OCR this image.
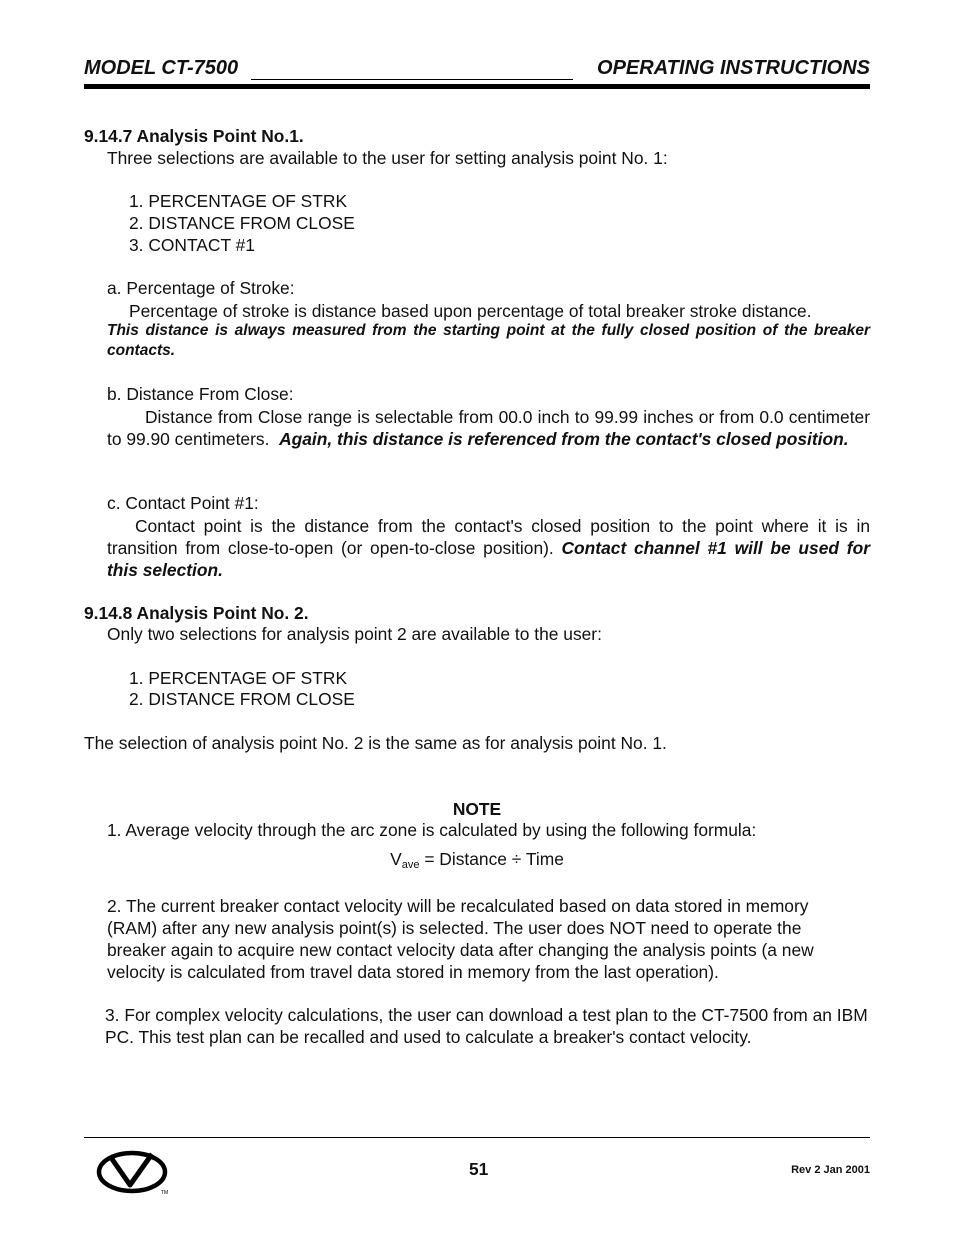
MODEL CT-7500	OPERATING INSTRUCTIONS
9.14.7 Analysis Point No.1.
Three selections are available to the user for setting analysis point No. 1:
1. PERCENTAGE OF STRK
2. DISTANCE FROM CLOSE
3. CONTACT #1
a. Percentage of Stroke:
Percentage of stroke is distance based upon percentage of total breaker stroke distance.
This distance is always measured from the starting point at the fully closed position of the breaker contacts.
b. Distance From Close:
Distance from Close range is selectable from 00.0 inch to 99.99 inches or from 0.0 centimeter to 99.90 centimeters. Again, this distance is referenced from the contact's closed position.
c. Contact Point #1:
Contact point is the distance from the contact's closed position to the point where it is in transition from close-to-open (or open-to-close position). Contact channel #1 will be used for this selection.
9.14.8 Analysis Point No. 2.
Only two selections for analysis point 2 are available to the user:
1. PERCENTAGE OF STRK
2. DISTANCE FROM CLOSE
The selection of analysis point No. 2 is the same as for analysis point No. 1.
NOTE
1. Average velocity through the arc zone is calculated by using the following formula:
$V_{ave}$ = Distance ÷ Time
2. The current breaker contact velocity will be recalculated based on data stored in memory (RAM) after any new analysis point(s) is selected. The user does NOT need to operate the breaker again to acquire new contact velocity data after changing the analysis points (a new velocity is calculated from travel data stored in memory from the last operation).
3. For complex velocity calculations, the user can download a test plan to the CT-7500 from an IBM PC. This test plan can be recalled and used to calculate a breaker's contact velocity.
TM
51	Rev 2 Jan 2001
